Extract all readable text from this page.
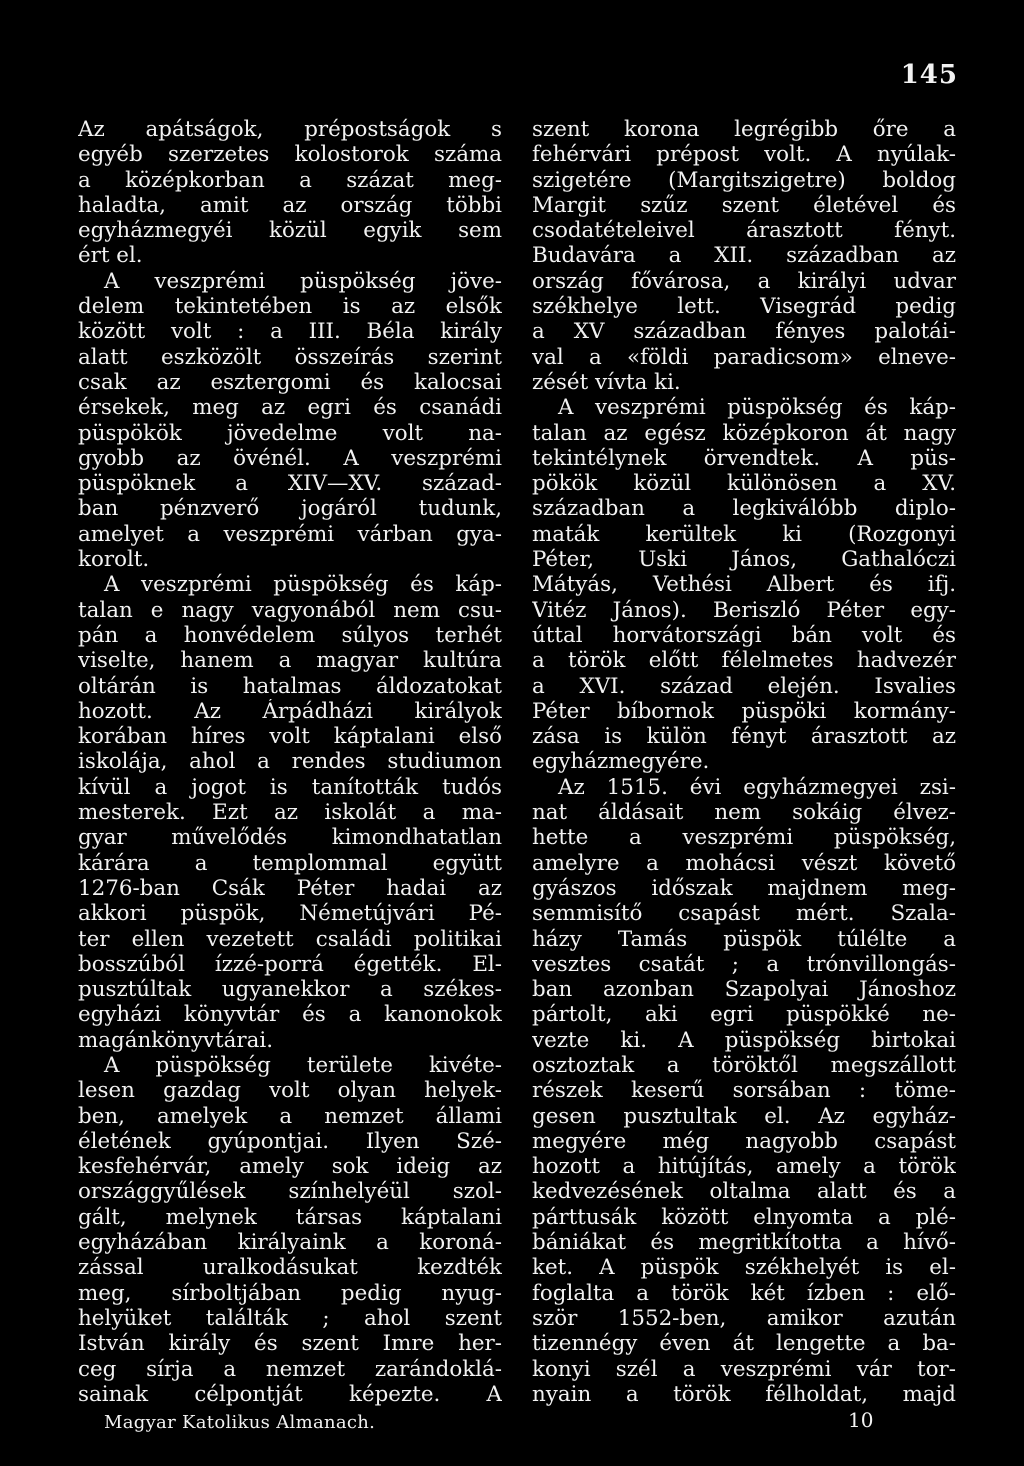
145
Az apátságok, prépostságok s
egyéb szerzetes kolostorok száma
a középkorban a százat meg-
haladta, amit az ország többi
egyházmegyéi közül egyik sem
ért el.
A veszprémi püspökség jöve-
delem tekintetében is az elsők
között volt : a III. Béla király
alatt eszközölt összeírás szerint
csak az esztergomi és kalocsai
érsekek, meg az egri és csanádi
püspökök jövedelme volt na-
gyobb az övénél. A veszprémi
püspöknek a XIV—XV. század-
ban pénzverő jogáról tudunk,
amelyet a veszprémi várban gya-
korolt.
A veszprémi püspökség és káp-
talan e nagy vagyonából nem csu-
pán a honvédelem súlyos terhét
viselte, hanem a magyar kultúra
oltárán is hatalmas áldozatokat
hozott. Az Árpádházi királyok
korában híres volt káptalani első
iskolája, ahol a rendes studiumon
kívül a jogot is tanították tudós
mesterek. Ezt az iskolát a ma-
gyar művelődés kimondhatatlan
kárára a templommal együtt
1276-ban Csák Péter hadai az
akkori püspök, Németújvári Pé-
ter ellen vezetett családi politikai
bosszúból ízzé-porrá égették. El-
pusztúltak ugyanekkor a székes-
egyházi könyvtár és a kanonokok
magánkönyvtárai.
A püspökség területe kivéte-
lesen gazdag volt olyan helyek-
ben, amelyek a nemzet állami
életének gyúpontjai. Ilyen Szé-
kesfehérvár, amely sok ideig az
országgyűlések színhelyéül szol-
gált, melynek társas káptalani
egyházában királyaink a koroná-
zással uralkodásukat kezdték
meg, sírboltjában pedig nyug-
helyüket találták ; ahol szent
István király és szent Imre her-
ceg sírja a nemzet zarándoklá-
sainak célpontját képezte. A
szent korona legrégibb őre a
fehérvári prépost volt. A nyúlak-
szigetére (Margitszigetre) boldog
Margit szűz szent életével és
csodatételeivel árasztott fényt.
Budavára a XII. században az
ország fővárosa, a királyi udvar
székhelye lett. Visegrád pedig
a XV században fényes palotái-
val a «földi paradicsom» elneve-
zését vívta ki.
A veszprémi püspökség és káp-
talan az egész középkoron át nagy
tekintélynek örvendtek. A püs-
pökök közül különösen a XV.
században a legkiválóbb diplo-
maták kerültek ki (Rozgonyi
Péter, Uski János, Gathalóczi
Mátyás, Vethési Albert és ifj.
Vitéz János). Beriszló Péter egy-
úttal horvátországi bán volt és
a török előtt félelmetes hadvezér
a XVI. század elején. Isvalies
Péter bíbornok püspöki kormány-
zása is külön fényt árasztott az
egyházmegyére.
Az 1515. évi egyházmegyei zsi-
nat áldásait nem sokáig élvez-
hette a veszprémi püspökség,
amelyre a mohácsi vészt követő
gyászos időszak majdnem meg-
semmisítő csapást mért. Szala-
házy Tamás püspök túlélte a
vesztes csatát ; a trónvillongás-
ban azonban Szapolyai Jánoshoz
pártolt, aki egri püspökké ne-
vezte ki. A püspökség birtokai
osztoztak a töröktől megszállott
részek keserű sorsában : töme-
gesen pusztultak el. Az egyház-
megyére még nagyobb csapást
hozott a hitújítás, amely a török
kedvezésének oltalma alatt és a
párttusák között elnyomta a plé-
bániákat és megritkította a hívő-
ket. A püspök székhelyét is el-
foglalta a török két ízben : elő-
ször 1552-ben, amikor azután
tizennégy éven át lengette a ba-
konyi szél a veszprémi vár tor-
nyain a török félholdat, majd
Magyar Katolikus Almanach.	10
